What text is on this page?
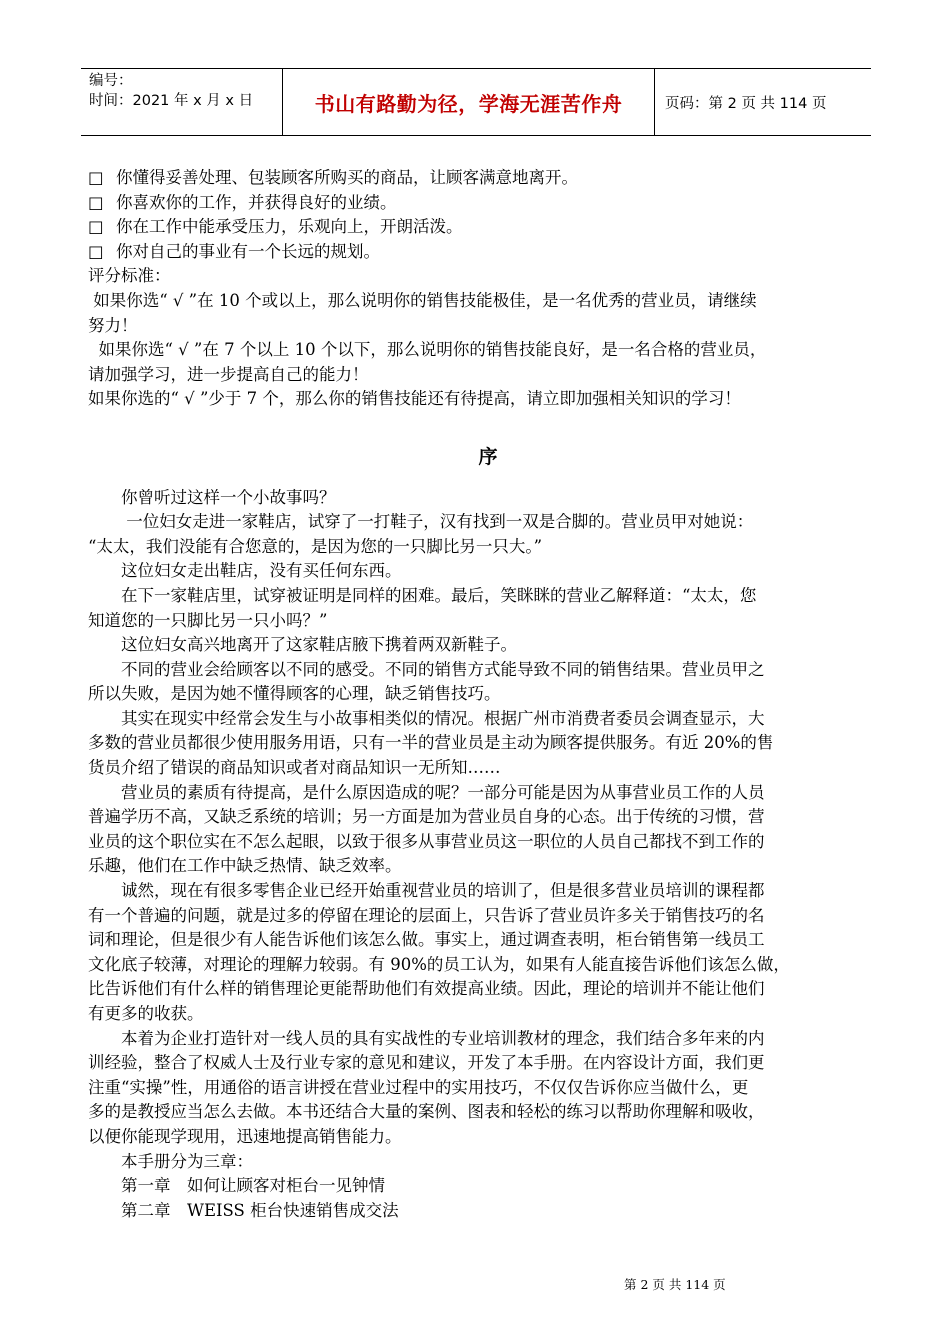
编号：
时间：2021 年 x 月 x 日	书山有路勤为径，学海无涯苦作舟	页码：第 2 页 共 114 页

□ 你懂得妥善处理、包装顾客所购买的商品，让顾客满意地离开。

□ 你喜欢你的工作，并获得良好的业绩。

□ 你在工作中能承受压力，乐观向上，开朗活泼。

□ 你对自己的事业有一个长远的规划。

评分标准：

如果你选“ √ ”在 10 个或以上，那么说明你的销售技能极佳，是一名优秀的营业员，请继续

努力！

如果你选“ √ ”在 7 个以上 10 个以下，那么说明你的销售技能良好，是一名合格的营业员，

请加强学习，进一步提高自己的能力！

如果你选的“ √ ”少于 7 个，那么你的销售技能还有待提高，请立即加强相关知识的学习！

序

　　你曾听过这样一个小故事吗？

　　 一位妇女走进一家鞋店，试穿了一打鞋子，汉有找到一双是合脚的。营业员甲对她说：

“太太，我们没能有合您意的，是因为您的一只脚比另一只大。”

　　这位妇女走出鞋店，没有买任何东西。

　　在下一家鞋店里，试穿被证明是同样的困难。最后，笑眯眯的营业乙解释道：“太太，您

知道您的一只脚比另一只小吗？”

　　这位妇女高兴地离开了这家鞋店腋下携着两双新鞋子。

　　不同的营业会给顾客以不同的感受。不同的销售方式能导致不同的销售结果。营业员甲之

所以失败，是因为她不懂得顾客的心理，缺乏销售技巧。

　　其实在现实中经常会发生与小故事相类似的情况。根据广州市消费者委员会调查显示，大

多数的营业员都很少使用服务用语，只有一半的营业员是主动为顾客提供服务。有近 20%的售

货员介绍了错误的商品知识或者对商品知识一无所知……

　　营业员的素质有待提高，是什么原因造成的呢？一部分可能是因为从事营业员工作的人员

普遍学历不高，又缺乏系统的培训；另一方面是加为营业员自身的心态。出于传统的习惯，营

业员的这个职位实在不怎么起眼，以致于很多从事营业员这一职位的人员自己都找不到工作的

乐趣，他们在工作中缺乏热情、缺乏效率。

　　诚然，现在有很多零售企业已经开始重视营业员的培训了，但是很多营业员培训的课程都

有一个普遍的问题，就是过多的停留在理论的层面上，只告诉了营业员许多关于销售技巧的名

词和理论，但是很少有人能告诉他们该怎么做。事实上，通过调查表明，柜台销售第一线员工

文化底子较薄，对理论的理解力较弱。有 90%的员工认为，如果有人能直接告诉他们该怎么做，

比告诉他们有什么样的销售理论更能帮助他们有效提高业绩。因此，理论的培训并不能让他们

有更多的收获。

　　本着为企业打造针对一线人员的具有实战性的专业培训教材的理念，我们结合多年来的内

训经验，整合了权威人士及行业专家的意见和建议，开发了本手册。在内容设计方面，我们更

注重“实操”性，用通俗的语言讲授在营业过程中的实用技巧，不仅仅告诉你应当做什么，更

多的是教授应当怎么去做。本书还结合大量的案例、图表和轻松的练习以帮助你理解和吸收，

以便你能现学现用，迅速地提高销售能力。

　　本手册分为三章：

　　第一章　如何让顾客对柜台一见钟情

　　第二章　WEISS 柜台快速销售成交法

第 2 页 共 114 页
